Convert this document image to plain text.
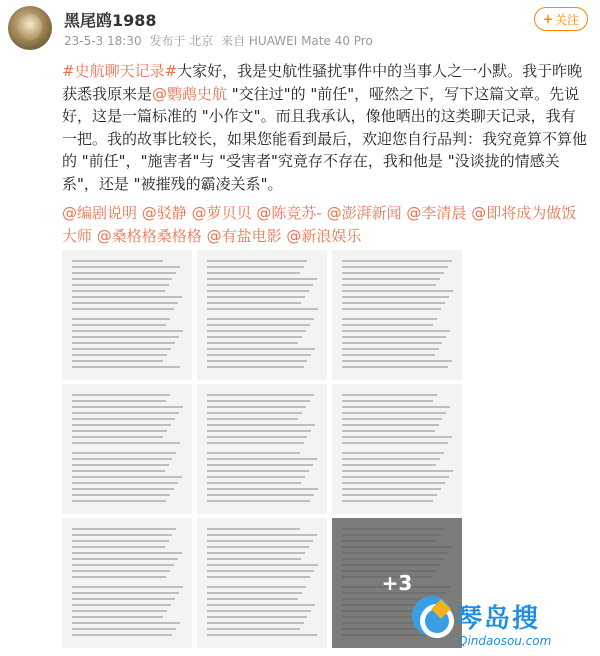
黑尾鸥1988
23-5-3 18:30 发布于 北京 来自 HUAWEI Mate 40 Pro
+ 关注
#史航聊天记录#大家好，我是史航性骚扰事件中的当事人之一小默。我于昨晚获悉我原来是@鹦鹉史航 "交往过"的 "前任"，哑然之下，写下这篇文章。先说好，这是一篇标准的 "小作文"。而且我承认，像他晒出的这类聊天记录，我有一把。我的故事比较长，如果您能看到最后，欢迎您自行品判：我究竟算不算他的 "前任"，"施害者"与 "受害者"究竟存不存在，我和他是 "没谈拢的情感关系"，还是 "被摧残的霸凌关系"。
@编剧说明 @驳静 @萝贝贝 @陈竞苏- @澎湃新闻 @李清晨 @即将成为做饭大师 @桑格格桑格格 @有盐电影 @新浪娱乐
+3
琴岛搜
Qindaosou.com
